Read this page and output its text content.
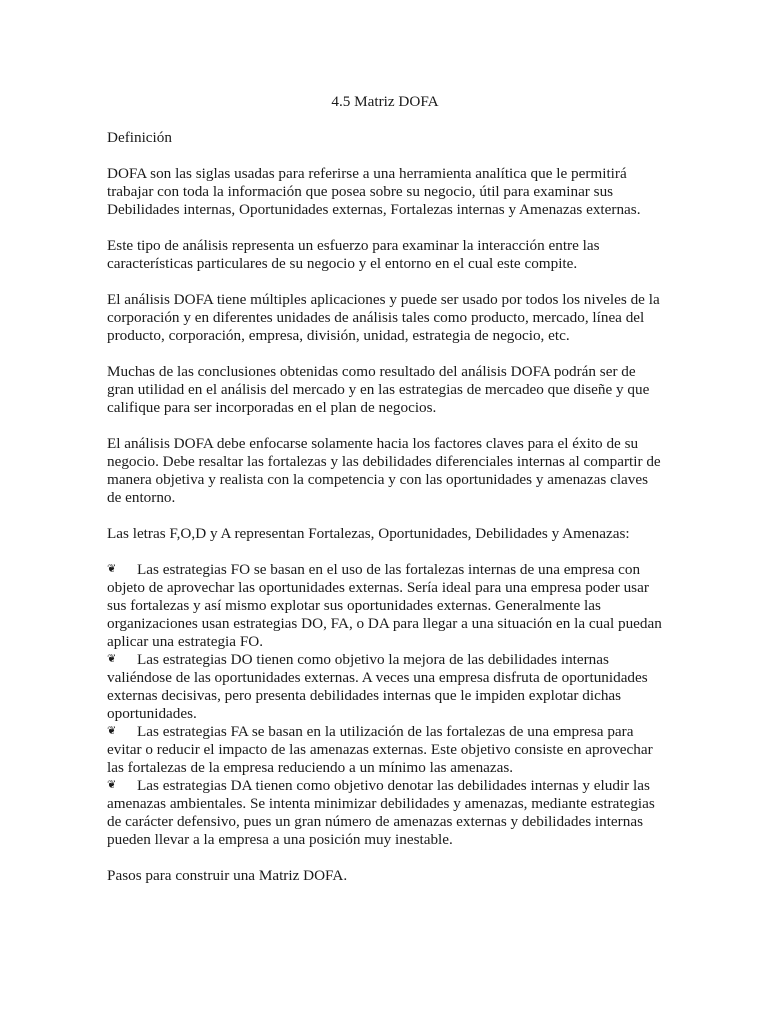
4.5 Matriz DOFA

Definición

DOFA son las siglas usadas para referirse a una herramienta analítica que le permitirá trabajar con toda la información que posea sobre su negocio, útil para examinar sus Debilidades internas, Oportunidades externas, Fortalezas internas y Amenazas externas.

Este tipo de análisis representa un esfuerzo para examinar la interacción entre las características particulares de su negocio y el entorno en el cual este compite.

El análisis DOFA tiene múltiples aplicaciones y puede ser usado por todos los niveles de la corporación y en diferentes unidades de análisis tales como producto, mercado, línea del producto, corporación, empresa, división, unidad, estrategia de negocio, etc.

Muchas de las conclusiones obtenidas como resultado del análisis DOFA podrán ser de gran utilidad en el análisis del mercado y en las estrategias de mercadeo que diseñe y que califique para ser incorporadas en el plan de negocios.

El análisis DOFA debe enfocarse solamente hacia los factores claves para el éxito de su negocio. Debe resaltar las fortalezas y las debilidades diferenciales internas al compartir de manera objetiva y realista con la competencia y con las oportunidades y amenazas claves de entorno.

Las letras F,O,D y A representan Fortalezas, Oportunidades, Debilidades y Amenazas:

❦ Las estrategias FO se basan en el uso de las fortalezas internas de una empresa con objeto de aprovechar las oportunidades externas. Sería ideal para una empresa poder usar sus fortalezas y así mismo explotar sus oportunidades externas. Generalmente las organizaciones usan estrategias DO, FA, o DA para llegar a una situación en la cual puedan aplicar una estrategia FO.
❦ Las estrategias DO tienen como objetivo la mejora de las debilidades internas valiéndose de las oportunidades externas. A veces una empresa disfruta de oportunidades externas decisivas, pero presenta debilidades internas que le impiden explotar dichas oportunidades.
❦ Las estrategias FA se basan en la utilización de las fortalezas de una empresa para evitar o reducir el impacto de las amenazas externas. Este objetivo consiste en aprovechar las fortalezas de la empresa reduciendo a un mínimo las amenazas.
❦ Las estrategias DA tienen como objetivo denotar las debilidades internas y eludir las amenazas ambientales. Se intenta minimizar debilidades y amenazas, mediante estrategias de carácter defensivo, pues un gran número de amenazas externas y debilidades internas pueden llevar a la empresa a una posición muy inestable.

Pasos para construir una Matriz DOFA.
